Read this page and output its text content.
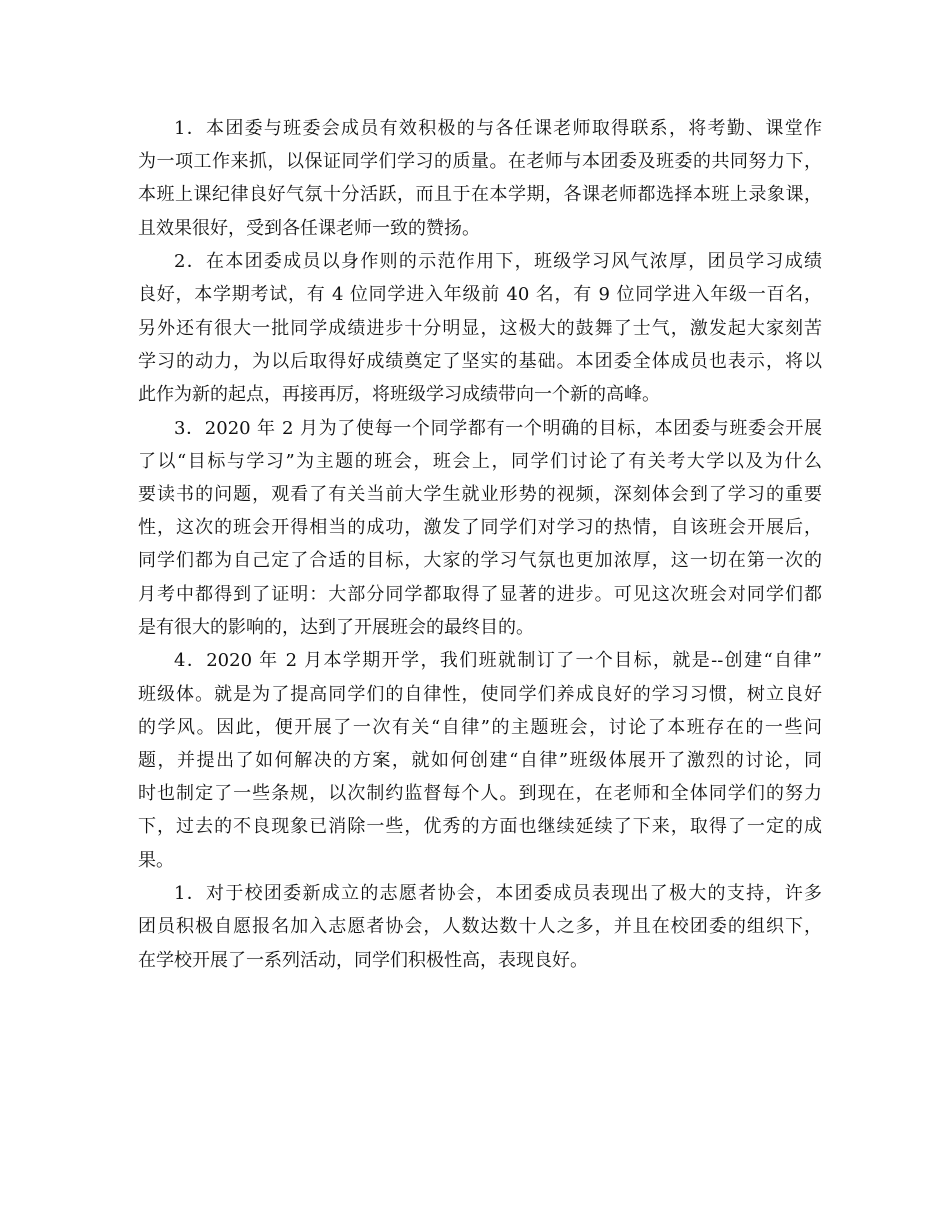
1．本团委与班委会成员有效积极的与各任课老师取得联系，将考勤、课堂作
为一项工作来抓，以保证同学们学习的质量。在老师与本团委及班委的共同努力下，
本班上课纪律良好气氛十分活跃，而且于在本学期，各课老师都选择本班上录象课，
且效果很好，受到各任课老师一致的赞扬。

2．在本团委成员以身作则的示范作用下，班级学习风气浓厚，团员学习成绩
良好，本学期考试，有 4 位同学进入年级前 40 名，有 9 位同学进入年级一百名，
另外还有很大一批同学成绩进步十分明显，这极大的鼓舞了士气，激发起大家刻苦
学习的动力，为以后取得好成绩奠定了坚实的基础。本团委全体成员也表示，将以
此作为新的起点，再接再厉，将班级学习成绩带向一个新的高峰。

3．2020 年 2 月为了使每一个同学都有一个明确的目标，本团委与班委会开展
了以“目标与学习”为主题的班会，班会上，同学们讨论了有关考大学以及为什么
要读书的问题，观看了有关当前大学生就业形势的视频，深刻体会到了学习的重要
性，这次的班会开得相当的成功，激发了同学们对学习的热情，自该班会开展后，
同学们都为自己定了合适的目标，大家的学习气氛也更加浓厚，这一切在第一次的
月考中都得到了证明：大部分同学都取得了显著的进步。可见这次班会对同学们都
是有很大的影响的，达到了开展班会的最终目的。

4．2020 年 2 月本学期开学，我们班就制订了一个目标，就是--创建“自律”
班级体。就是为了提高同学们的自律性，使同学们养成良好的学习习惯，树立良好
的学风。因此，便开展了一次有关“自律”的主题班会，讨论了本班存在的一些问
题，并提出了如何解决的方案，就如何创建“自律”班级体展开了激烈的讨论，同
时也制定了一些条规，以次制约监督每个人。到现在，在老师和全体同学们的努力
下，过去的不良现象已消除一些，优秀的方面也继续延续了下来，取得了一定的成
果。

1．对于校团委新成立的志愿者协会，本团委成员表现出了极大的支持，许多
团员积极自愿报名加入志愿者协会，人数达数十人之多，并且在校团委的组织下，
在学校开展了一系列活动，同学们积极性高，表现良好。
